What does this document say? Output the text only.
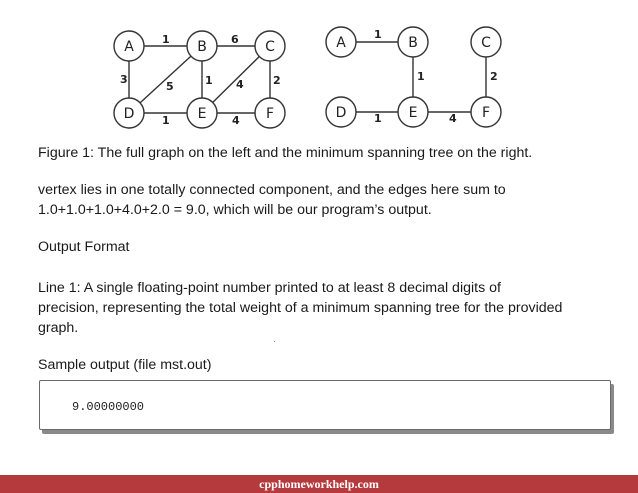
A	B	C
D	E	F
1	6
3
5	1 4	2
1	4
A	B	C
D	E	F
1
1	2
1	4
Figure 1: The full graph on the left and the minimum spanning tree on the right.
vertex lies in one totally connected component, and the edges here sum to
1.0+1.0+1.0+4.0+2.0 = 9.0, which will be our program’s output.
Output Format
Line 1: A single floating-point number printed to at least 8 decimal digits of
precision, representing the total weight of a minimum spanning tree for the provided
graph.
Sample output (file mst.out)
9.00000000
cpphomeworkhelp.com
